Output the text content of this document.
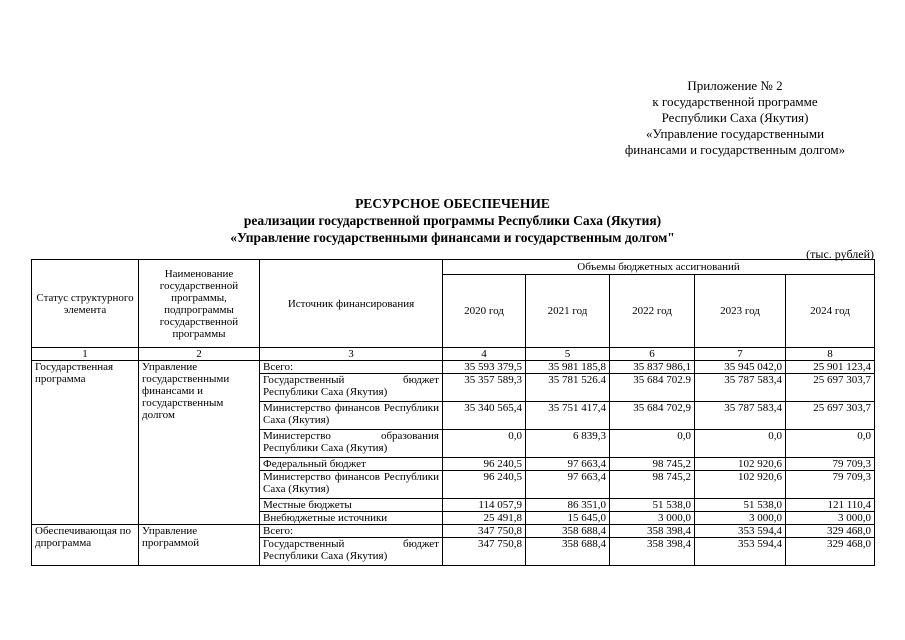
Приложение № 2
к государственной программе
Республики Саха (Якутия)
«Управление государственными
финансами и государственным долгом»
РЕСУРСНОЕ ОБЕСПЕЧЕНИЕ
реализации государственной программы Республики Саха (Якутия)
«Управление государственными финансами и государственным долгом"
(тыс. рублей)
Статус структурного элемента	Наименование государственной программы, подпрограммы государственной программы	Источник финансирования	Объемы бюджетных ассигнований				
			2020 год	2021 год	2022 год	2023 год	2024 год
1	2	3	4	5	6	7	8
Государственная программа	Управление государственными финансами и государственным долгом	Всего:	35 593 379,5	35 981 185,8	35 837 986,1	35 945 042,0	25 901 123,4
		Государственный бюджет Республики Саха (Якутия)	35 357 589,3	35 781 526.4	35 684 702.9	35 787 583,4	25 697 303,7
		Министерство финансов Республики Саха (Якутия)	35 340 565,4	35 751 417,4	35 684 702,9	35 787 583,4	25 697 303,7
		Министерство образования Республики Саха (Якутия)	0,0	6 839,3	0,0	0,0	0,0
		Федеральный бюджет	96 240,5	97 663,4	98 745,2	102 920,6	79 709,3
		Министерство финансов Республики Саха (Якутия)	96 240,5	97 663,4	98 745,2	102 920,6	79 709,3
		Местные бюджеты	114 057,9	86 351,0	51 538,0	51 538,0	121 110,4
		Внебюджетные источники	25 491,8	15 645,0	3 000,0	3 000,0	3 000,0
Обеспечивающая подпрограмма	Управление программой	Всего:	347 750,8	358 688,4	358 398,4	353 594,4	329 468,0
		Государственный бюджет Республики Саха (Якутия)	347 750,8	358 688,4	358 398,4	353 594,4	329 468,0
